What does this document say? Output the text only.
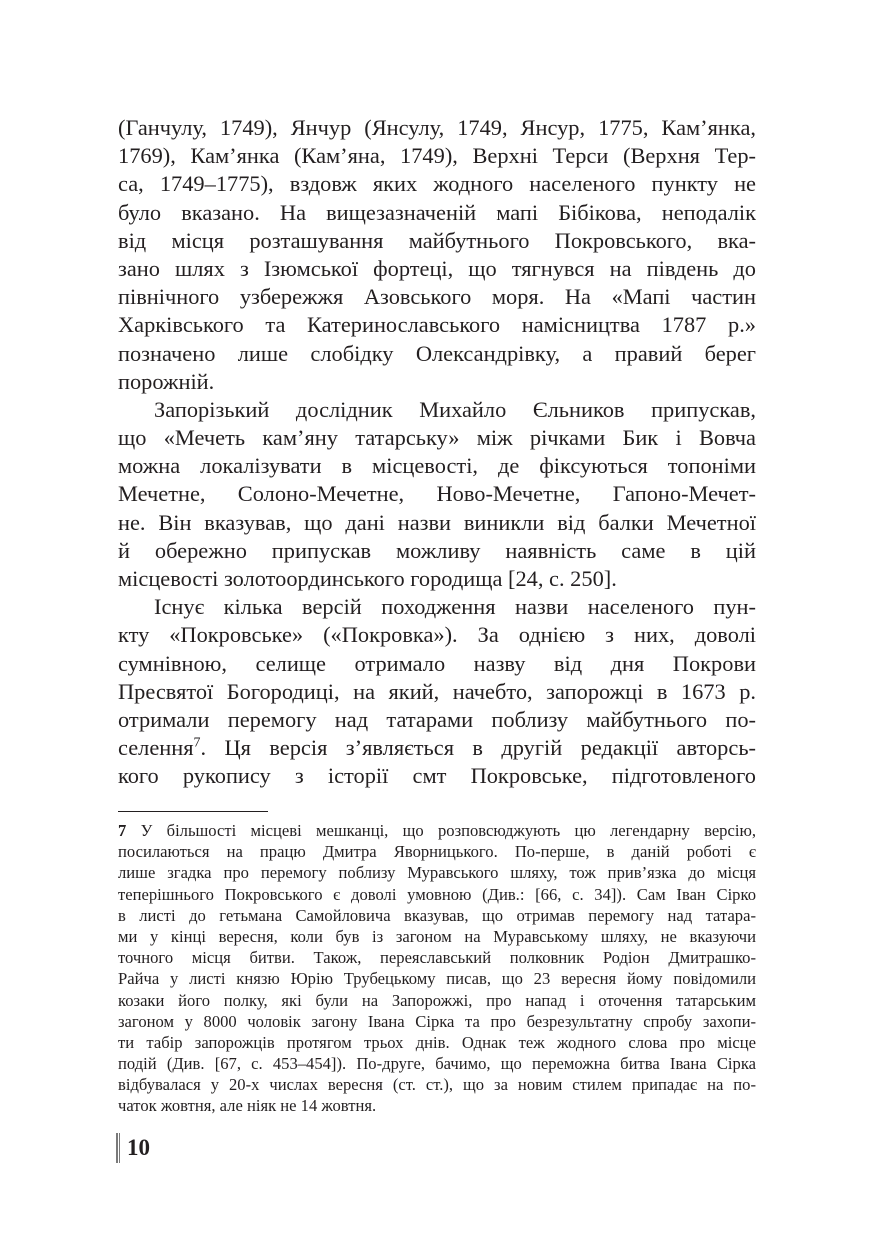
(Ганчулу, 1749), Янчур (Янсулу, 1749, Янсур, 1775, Кам’янка,
1769), Кам’янка (Кам’яна, 1749), Верхні Терси (Верхня Тер-
са, 1749–1775), вздовж яких жодного населеного пункту не
було вказано. На вищезазначеній мапі Бібікова, неподалік
від місця розташування майбутнього Покровського, вка-
зано шлях з Ізюмської фортеці, що тягнувся на південь до
північного узбережжя Азовського моря. На «Мапі частин
Харківського та Катеринославського намісництва 1787 р.»
позначено лише слобідку Олександрівку, а правий берег
порожній.
Запорізький дослідник Михайло Єльников припускав,
що «Мечеть кам’яну татарську» між річками Бик і Вовча
можна локалізувати в місцевості, де фіксуються топоніми
Мечетне, Солоно-Мечетне, Ново-Мечетне, Гапоно-Мечет-
не. Він вказував, що дані назви виникли від балки Мечетної
й обережно припускав можливу наявність саме в цій
місцевості золотоординського городища [24, с. 250].
Існує кілька версій походження назви населеного пун-
кту «Покровське» («Покровка»). За однією з них, доволі
сумнівною, селище отримало назву від дня Покрови
Пресвятої Богородиці, на який, начебто, запорожці в 1673 р.
отримали перемогу над татарами поблизу майбутнього по-
селення$^7$. Ця версія з’являється в другій редакції авторсь-
кого рукопису з історії смт Покровське, підготовленого
7 У більшості місцеві мешканці, що розповсюджують цю легендарну версію,
посилаються на працю Дмитра Яворницького. По-перше, в даній роботі є
лише згадка про перемогу поблизу Муравського шляху, тож прив’язка до місця
теперішнього Покровського є доволі умовною (Див.: [66, с. 34]). Сам Іван Сірко
в листі до гетьмана Самойловича вказував, що отримав перемогу над татара-
ми у кінці вересня, коли був із загоном на Муравському шляху, не вказуючи
точного місця битви. Також, переяславський полковник Родіон Дмитрашко-
Райча у листі князю Юрію Трубецькому писав, що 23 вересня йому повідомили
козаки його полку, які були на Запорожжі, про напад і оточення татарським
загоном у 8000 чоловік загону Івана Сірка та про безрезультатну спробу захопи-
ти табір запорожців протягом трьох днів. Однак теж жодного слова про місце
подій (Див. [67, с. 453–454]). По-друге, бачимо, що переможна битва Івана Сірка
відбувалася у 20-х числах вересня (ст. ст.), що за новим стилем припадає на по-
чаток жовтня, але ніяк не 14 жовтня.
10
